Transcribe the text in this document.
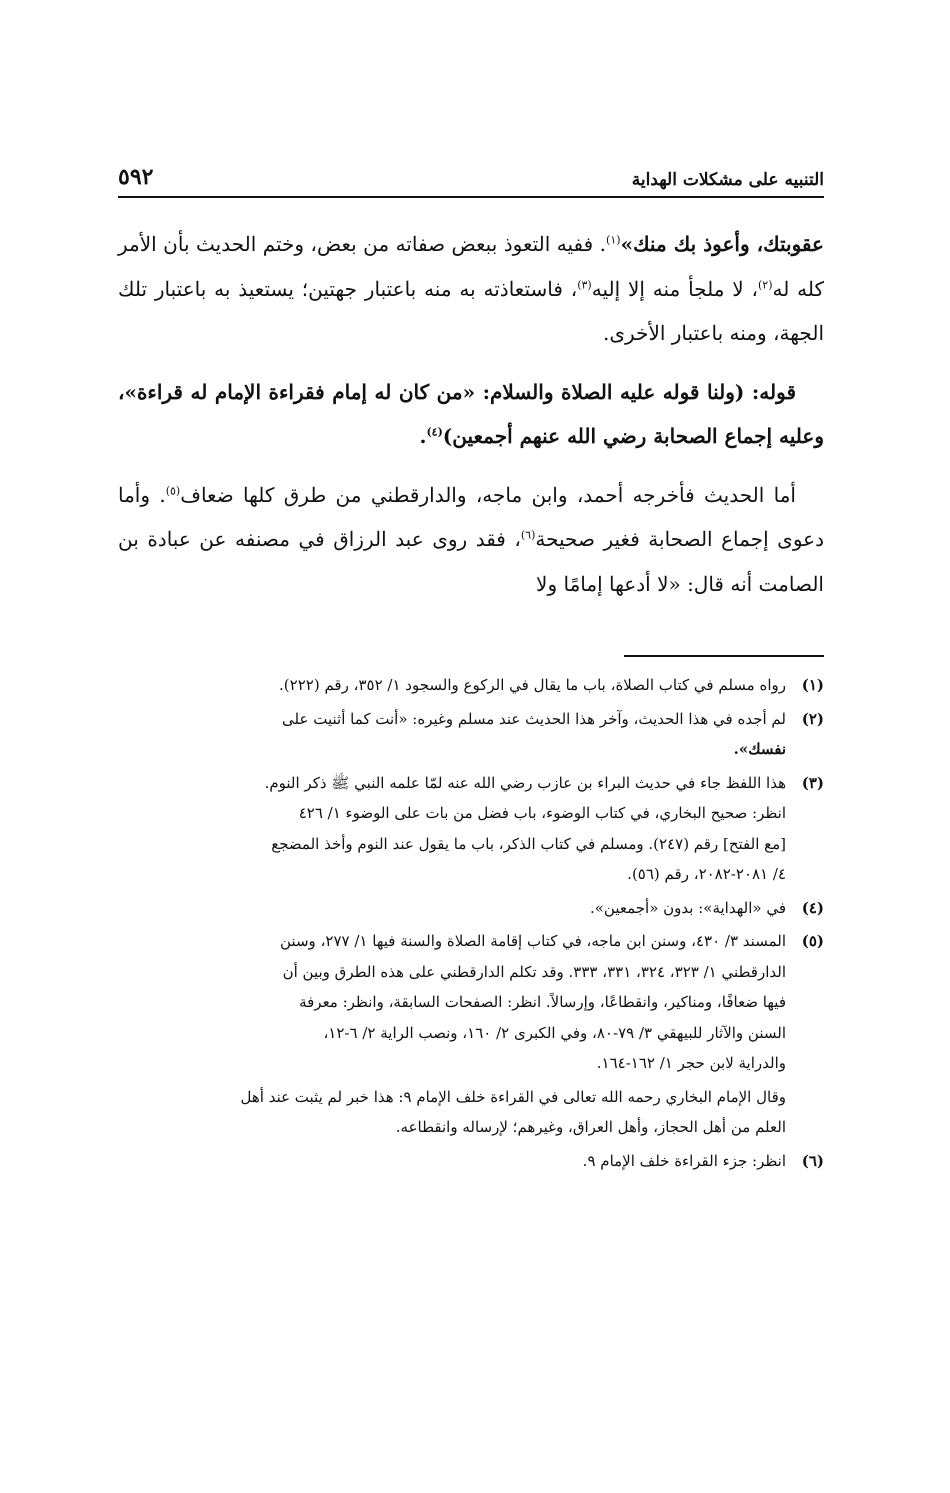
التنبيه على مشكلات الهداية
٥٩٢

عقوبتك، وأعوذ بك منك»$^{(١)}$. ففيه التعوذ ببعض صفاته من بعض، وختم الحديث بأن الأمر كله له$^{(٢)}$، لا ملجأ منه إلا إليه$^{(٣)}$، فاستعاذته به منه باعتبار جهتين؛ يستعيذ به باعتبار تلك الجهة، ومنه باعتبار الأخرى.

قوله: (ولنا قوله عليه الصلاة والسلام: «من كان له إمام فقراءة الإمام له قراءة»، وعليه إجماع الصحابة رضي الله عنهم أجمعين)$^{(٤)}$.

أما الحديث فأخرجه أحمد، وابن ماجه، والدارقطني من طرق كلها ضعاف$^{(٥)}$. وأما دعوى إجماع الصحابة فغير صحيحة$^{(٦)}$، فقد روى عبد الرزاق في مصنفه عن عبادة بن الصامت أنه قال: «لا أدعها إمامًا ولا

(١)
رواه مسلم في كتاب الصلاة، باب ما يقال في الركوع والسجود ١/ ٣٥٢، رقم (٢٢٢).
(٢)
لم أجده في هذا الحديث، وآخر هذا الحديث عند مسلم وغيره: «أنت كما أثنيت على
نفسك».
(٣)
هذا اللفظ جاء في حديث البراء بن عازب رضي الله عنه لمّا علمه النبي ﷺ ذكر النوم.
انظر: صحيح البخاري، في كتاب الوضوء، باب فضل من بات على الوضوء ١/ ٤٢٦
[مع الفتح] رقم (٢٤٧). ومسلم في كتاب الذكر، باب ما يقول عند النوم وأخذ المضجع
٤/ ٢٠٨١-٢٠٨٢، رقم (٥٦).
(٤)
في «الهداية»: بدون «أجمعين».
(٥)
المسند ٣/ ٤٣٠، وسنن ابن ماجه، في كتاب إقامة الصلاة والسنة فيها ١/ ٢٧٧، وسنن
الدارقطني ١/ ٣٢٣، ٣٢٤، ٣٣١، ٣٣٣. وقد تكلم الدارقطني على هذه الطرق وبين أن
فيها ضعافًا، ومناكير، وانقطاعًا، وإرسالاً. انظر: الصفحات السابقة، وانظر: معرفة
السنن والآثار للبيهقي ٣/ ٧٩-٨٠، وفي الكبرى ٢/ ١٦٠، ونصب الراية ٢/ ٦-١٢،
والدراية لابن حجر ١/ ١٦٢-١٦٤.
وقال الإمام البخاري رحمه الله تعالى في القراءة خلف الإمام ٩: هذا خبر لم يثبت عند أهل
العلم من أهل الحجاز، وأهل العراق، وغيرهم؛ لإرساله وانقطاعه.
(٦)
انظر: جزء القراءة خلف الإمام ٩.
